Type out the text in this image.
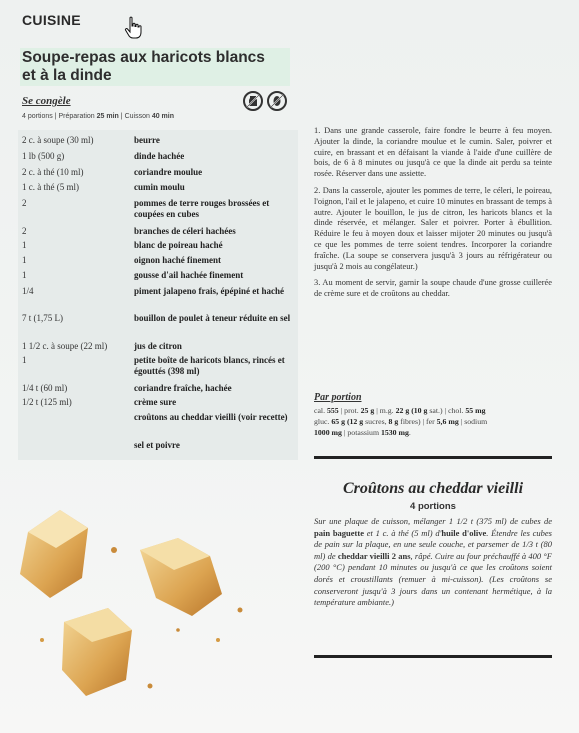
CUISINE
Soupe-repas aux haricots blancs
et à la dinde
Se congèle
4 portions | Préparation 25 min | Cuisson 40 min
2 c. à soupe (30 ml)	beurre
1 lb (500 g)	dinde hachée
2 c. à thé (10 ml)	coriandre moulue
1 c. à thé (5 ml)	cumin moulu
2	pommes de terre rouges brossées et coupées en cubes
2	branches de céleri hachées
1	blanc de poireau haché
1	oignon haché finement
1	gousse d'ail hachée finement
1/4	piment jalapeno frais, épépiné et haché
7 t (1,75 L)	bouillon de poulet à teneur réduite en sel
1 1/2 c. à soupe (22 ml)	jus de citron
1	petite boîte de haricots blancs, rincés et égouttés (398 ml)
1/4 t (60 ml)	coriandre fraîche, hachée
1/2 t (125 ml)	crème sure
croûtons au cheddar vieilli (voir recette)
sel et poivre

1. Dans une grande casserole, faire fondre le beurre à feu moyen. Ajouter la dinde, la coriandre moulue et le cumin. Saler, poivrer et cuire, en brassant et en défaisant la viande à l'aide d'une cuillère de bois, de 6 à 8 minutes ou jusqu'à ce que la dinde ait perdu sa teinte rosée. Réserver dans une assiette.

2. Dans la casserole, ajouter les pommes de terre, le céleri, le poireau, l'oignon, l'ail et le jalapeno, et cuire 10 minutes en brassant de temps à autre. Ajouter le bouillon, le jus de citron, les haricots blancs et la dinde réservée, et mélanger. Saler et poivrer. Porter à ébullition. Réduire le feu à moyen doux et laisser mijoter 20 minutes ou jusqu'à ce que les pommes de terre soient tendres. Incorporer la coriandre fraîche. (La soupe se conservera jusqu'à 3 jours au réfrigérateur ou jusqu'à 2 mois au congélateur.)

3. Au moment de servir, garnir la soupe chaude d'une grosse cuillerée de crème sure et de croûtons au cheddar.

Par portion
cal. 555 | prot. 25 g | m.g. 22 g (10 g sat.) | chol. 55 mg
gluc. 65 g (12 g sucres, 8 g fibres) | fer 5,6 mg | sodium
1000 mg | potassium 1530 mg.
Croûtons au cheddar vieilli
4 portions
Sur une plaque de cuisson, mélanger 1 1/2 t (375 ml) de cubes de pain baguette et 1 c. à thé (5 ml) d'huile d'olive. Étendre les cubes de pain sur la plaque, en une seule couche, et parsemer de 1/3 t (80 ml) de cheddar vieilli 2 ans, râpé. Cuire au four préchauffé à 400 °F (200 °C) pendant 10 minutes ou jusqu'à ce que les croûtons soient dorés et croustillants (remuer à mi-cuisson). (Les croûtons se conserveront jusqu'à 3 jours dans un contenant hermétique, à la température ambiante.)
